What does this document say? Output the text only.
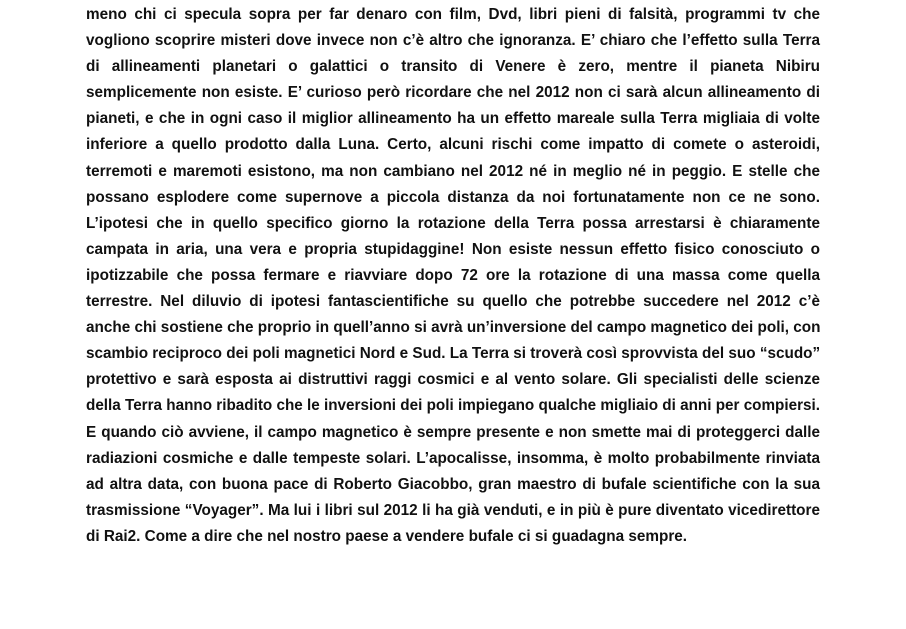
meno chi ci specula sopra per far denaro con film, Dvd, libri pieni di falsità, programmi tv che
vogliono scoprire misteri dove invece non c’è altro che ignoranza. E’ chiaro che l’effetto sulla Terra
di allineamenti planetari o galattici o transito di Venere è zero, mentre il pianeta Nibiru
semplicemente non esiste. E’ curioso però ricordare che nel 2012 non ci sarà alcun allineamento di
pianeti, e che in ogni caso il miglior allineamento ha un effetto mareale sulla Terra migliaia di volte
inferiore a quello prodotto dalla Luna. Certo, alcuni rischi come impatto di comete o asteroidi,
terremoti e maremoti esistono, ma non cambiano nel 2012 né in meglio né in peggio. E stelle che
possano esplodere come supernove a piccola distanza da noi fortunatamente non ce ne sono.
L’ipotesi che in quello specifico giorno la rotazione della Terra possa arrestarsi è chiaramente
campata in aria, una vera e propria stupidaggine! Non esiste nessun effetto fisico conosciuto o
ipotizzabile che possa fermare e riavviare dopo 72 ore la rotazione di una massa come quella
terrestre. Nel diluvio di ipotesi fantascientifiche su quello che potrebbe succedere nel 2012 c’è
anche chi sostiene che proprio in quell’anno si avrà un’inversione del campo magnetico dei poli, con
scambio reciproco dei poli magnetici Nord e Sud. La Terra si troverà così sprovvista del suo “scudo”
protettivo e sarà esposta ai distruttivi raggi cosmici e al vento solare. Gli specialisti delle scienze
della Terra hanno ribadito che le inversioni dei poli impiegano qualche migliaio di anni per compiersi.
E quando ciò avviene, il campo magnetico è sempre presente e non smette mai di proteggerci dalle
radiazioni cosmiche e dalle tempeste solari. L’apocalisse, insomma, è molto probabilmente rinviata
ad altra data, con buona pace di Roberto Giacobbo, gran maestro di bufale scientifiche con la sua
trasmissione “Voyager”. Ma lui i libri sul 2012 li ha già venduti, e in più è pure diventato vicedirettore
di Rai2. Come a dire che nel nostro paese a vendere bufale ci si guadagna sempre.
